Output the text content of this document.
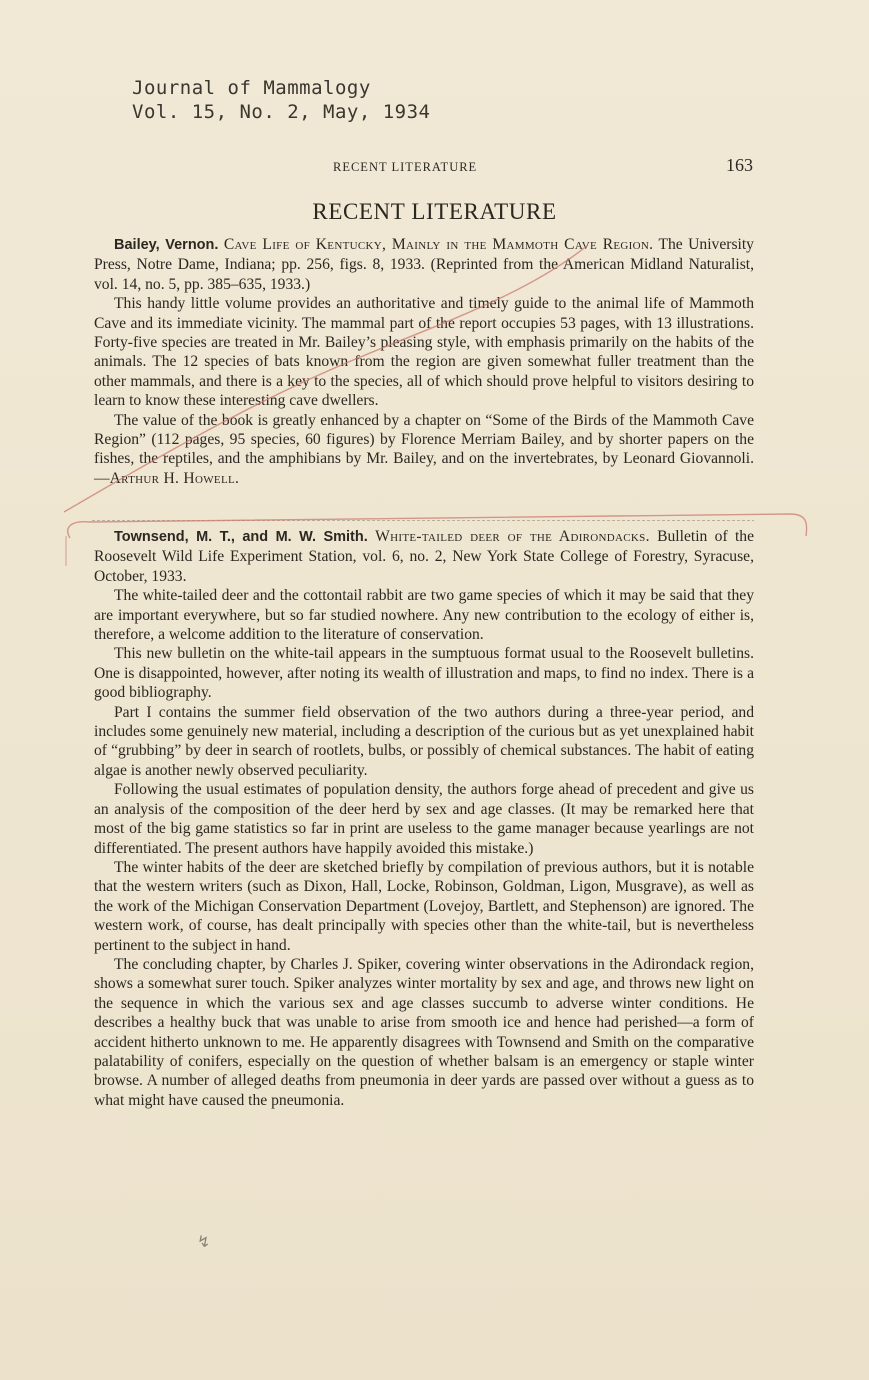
Journal of Mammalogy
Vol. 15, No. 2, May, 1934
RECENT LITERATURE	163
RECENT LITERATURE

Bailey, Vernon. Cave Life of Kentucky, Mainly in the Mammoth Cave Region. The University Press, Notre Dame, Indiana; pp. 256, figs. 8, 1933. (Reprinted from the American Midland Naturalist, vol. 14, no. 5, pp. 385–635, 1933.)

This handy little volume provides an authoritative and timely guide to the animal life of Mammoth Cave and its immediate vicinity. The mammal part of the report occupies 53 pages, with 13 illustrations. Forty-five species are treated in Mr. Bailey’s pleasing style, with emphasis primarily on the habits of the animals. The 12 species of bats known from the region are given somewhat fuller treatment than the other mammals, and there is a key to the species, all of which should prove helpful to visitors desiring to learn to know these interesting cave dwellers.

The value of the book is greatly enhanced by a chapter on “Some of the Birds of the Mammoth Cave Region” (112 pages, 95 species, 60 figures) by Florence Merriam Bailey, and by shorter papers on the fishes, the reptiles, and the amphibians by Mr. Bailey, and on the invertebrates, by Leonard Giovannoli.—Arthur H. Howell.

Townsend, M. T., and M. W. Smith. White-tailed deer of the Adirondacks. Bulletin of the Roosevelt Wild Life Experiment Station, vol. 6, no. 2, New York State College of Forestry, Syracuse, October, 1933.

The white-tailed deer and the cottontail rabbit are two game species of which it may be said that they are important everywhere, but so far studied nowhere. Any new contribution to the ecology of either is, therefore, a welcome addition to the literature of conservation.

This new bulletin on the white-tail appears in the sumptuous format usual to the Roosevelt bulletins. One is disappointed, however, after noting its wealth of illustration and maps, to find no index. There is a good bibliography.

Part I contains the summer field observation of the two authors during a three-year period, and includes some genuinely new material, including a description of the curious but as yet unexplained habit of “grubbing” by deer in search of rootlets, bulbs, or possibly of chemical substances. The habit of eating algae is another newly observed peculiarity.

Following the usual estimates of population density, the authors forge ahead of precedent and give us an analysis of the composition of the deer herd by sex and age classes. (It may be remarked here that most of the big game statistics so far in print are useless to the game manager because yearlings are not differentiated. The present authors have happily avoided this mistake.)

The winter habits of the deer are sketched briefly by compilation of previous authors, but it is notable that the western writers (such as Dixon, Hall, Locke, Robinson, Goldman, Ligon, Musgrave), as well as the work of the Michigan Conservation Department (Lovejoy, Bartlett, and Stephenson) are ignored. The western work, of course, has dealt principally with species other than the white-tail, but is nevertheless pertinent to the subject in hand.

The concluding chapter, by Charles J. Spiker, covering winter observations in the Adirondack region, shows a somewhat surer touch. Spiker analyzes winter mortality by sex and age, and throws new light on the sequence in which the various sex and age classes succumb to adverse winter conditions. He describes a healthy buck that was unable to arise from smooth ice and hence had perished—a form of accident hitherto unknown to me. He apparently disagrees with Townsend and Smith on the comparative palatability of conifers, especially on the question of whether balsam is an emergency or staple winter browse. A number of alleged deaths from pneumonia in deer yards are passed over without a guess as to what might have caused the pneumonia.

↯
